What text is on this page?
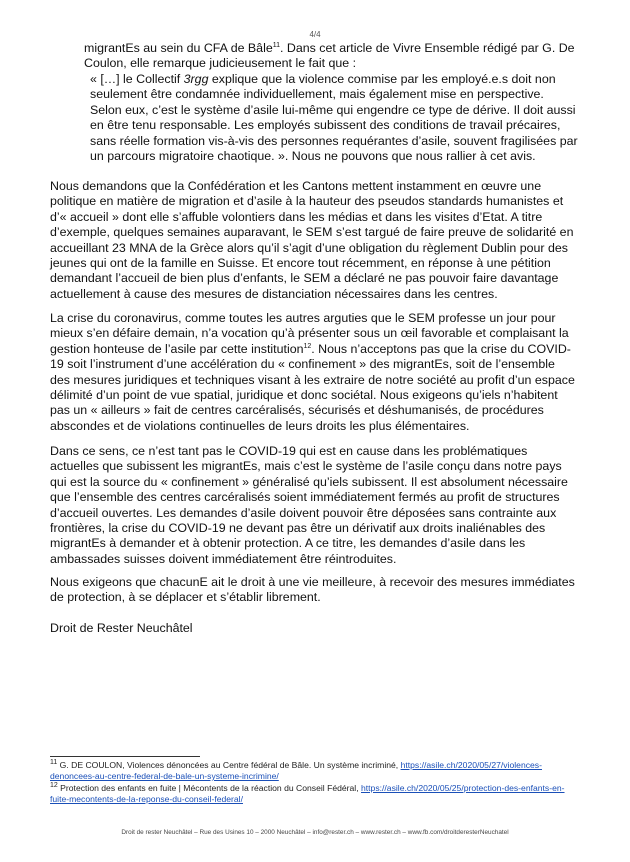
4/4

migrantEs au sein du CFA de Bâle$^{11}$. Dans cet article de Vivre Ensemble rédigé par G. De Coulon, elle remarque judicieusement le fait que :

« […] le Collectif 3rgg explique que la violence commise par les employé.e.s doit non seulement être condamnée individuellement, mais également mise en perspective. Selon eux, c’est le système d’asile lui-même qui engendre ce type de dérive. Il doit aussi en être tenu responsable. Les employés subissent des conditions de travail précaires, sans réelle formation vis-à-vis des personnes requérantes d’asile, souvent fragilisées par un parcours migratoire chaotique. ». Nous ne pouvons que nous rallier à cet avis.

Nous demandons que la Confédération et les Cantons mettent instamment en œuvre une politique en matière de migration et d’asile à la hauteur des pseudos standards humanistes et d’« accueil » dont elle s’affuble volontiers dans les médias et dans les visites d’Etat. A titre d’exemple, quelques semaines auparavant, le SEM s’est targué de faire preuve de solidarité en accueillant 23 MNA de la Grèce alors qu’il s’agit d’une obligation du règlement Dublin pour des jeunes qui ont de la famille en Suisse. Et encore tout récemment, en réponse à une pétition demandant l’accueil de bien plus d’enfants, le SEM a déclaré ne pas pouvoir faire davantage actuellement à cause des mesures de distanciation nécessaires dans les centres.

La crise du coronavirus, comme toutes les autres arguties que le SEM professe un jour pour mieux s’en défaire demain, n’a vocation qu’à présenter sous un œil favorable et complaisant la gestion honteuse de l’asile par cette institution$^{12}$. Nous n’acceptons pas que la crise du COVID-19 soit l’instrument d’une accélération du « confinement » des migrantEs, soit de l’ensemble des mesures juridiques et techniques visant à les extraire de notre société au profit d’un espace délimité d’un point de vue spatial, juridique et donc sociétal. Nous exigeons qu’iels n’habitent pas un « ailleurs » fait de centres carcéralisés, sécurisés et déshumanisés, de procédures abscondes et de violations continuelles de leurs droits les plus élémentaires.

Dans ce sens, ce n’est tant pas le COVID-19 qui est en cause dans les problématiques actuelles que subissent les migrantEs, mais c’est le système de l’asile conçu dans notre pays qui est la source du « confinement » généralisé qu’iels subissent. Il est absolument nécessaire que l’ensemble des centres carcéralisés soient immédiatement fermés au profit de structures d’accueil ouvertes. Les demandes d’asile doivent pouvoir être déposées sans contrainte aux frontières, la crise du COVID-19 ne devant pas être un dérivatif aux droits inaliénables des migrantEs à demander et à obtenir protection. A ce titre, les demandes d’asile dans les ambassades suisses doivent immédiatement être réintroduites.

Nous exigeons que chacunE ait le droit à une vie meilleure, à recevoir des mesures immédiates de protection, à se déplacer et s’établir librement.

Droit de Rester Neuchâtel

$^{11}$ G. DE COULON, Violences dénoncées au Centre fédéral de Bâle. Un système incriminé, https://asile.ch/2020/05/27/violences-denoncees-au-centre-federal-de-bale-un-systeme-incrimine/

$^{12}$ Protection des enfants en fuite | Mécontents de la réaction du Conseil Fédéral, https://asile.ch/2020/05/25/protection-des-enfants-en-fuite-mecontents-de-la-reponse-du-conseil-federal/

Droit de rester Neuchâtel – Rue des Usines 10 – 2000 Neuchâtel – info@rester.ch – www.rester.ch – www.fb.com/droitderesterNeuchatel
